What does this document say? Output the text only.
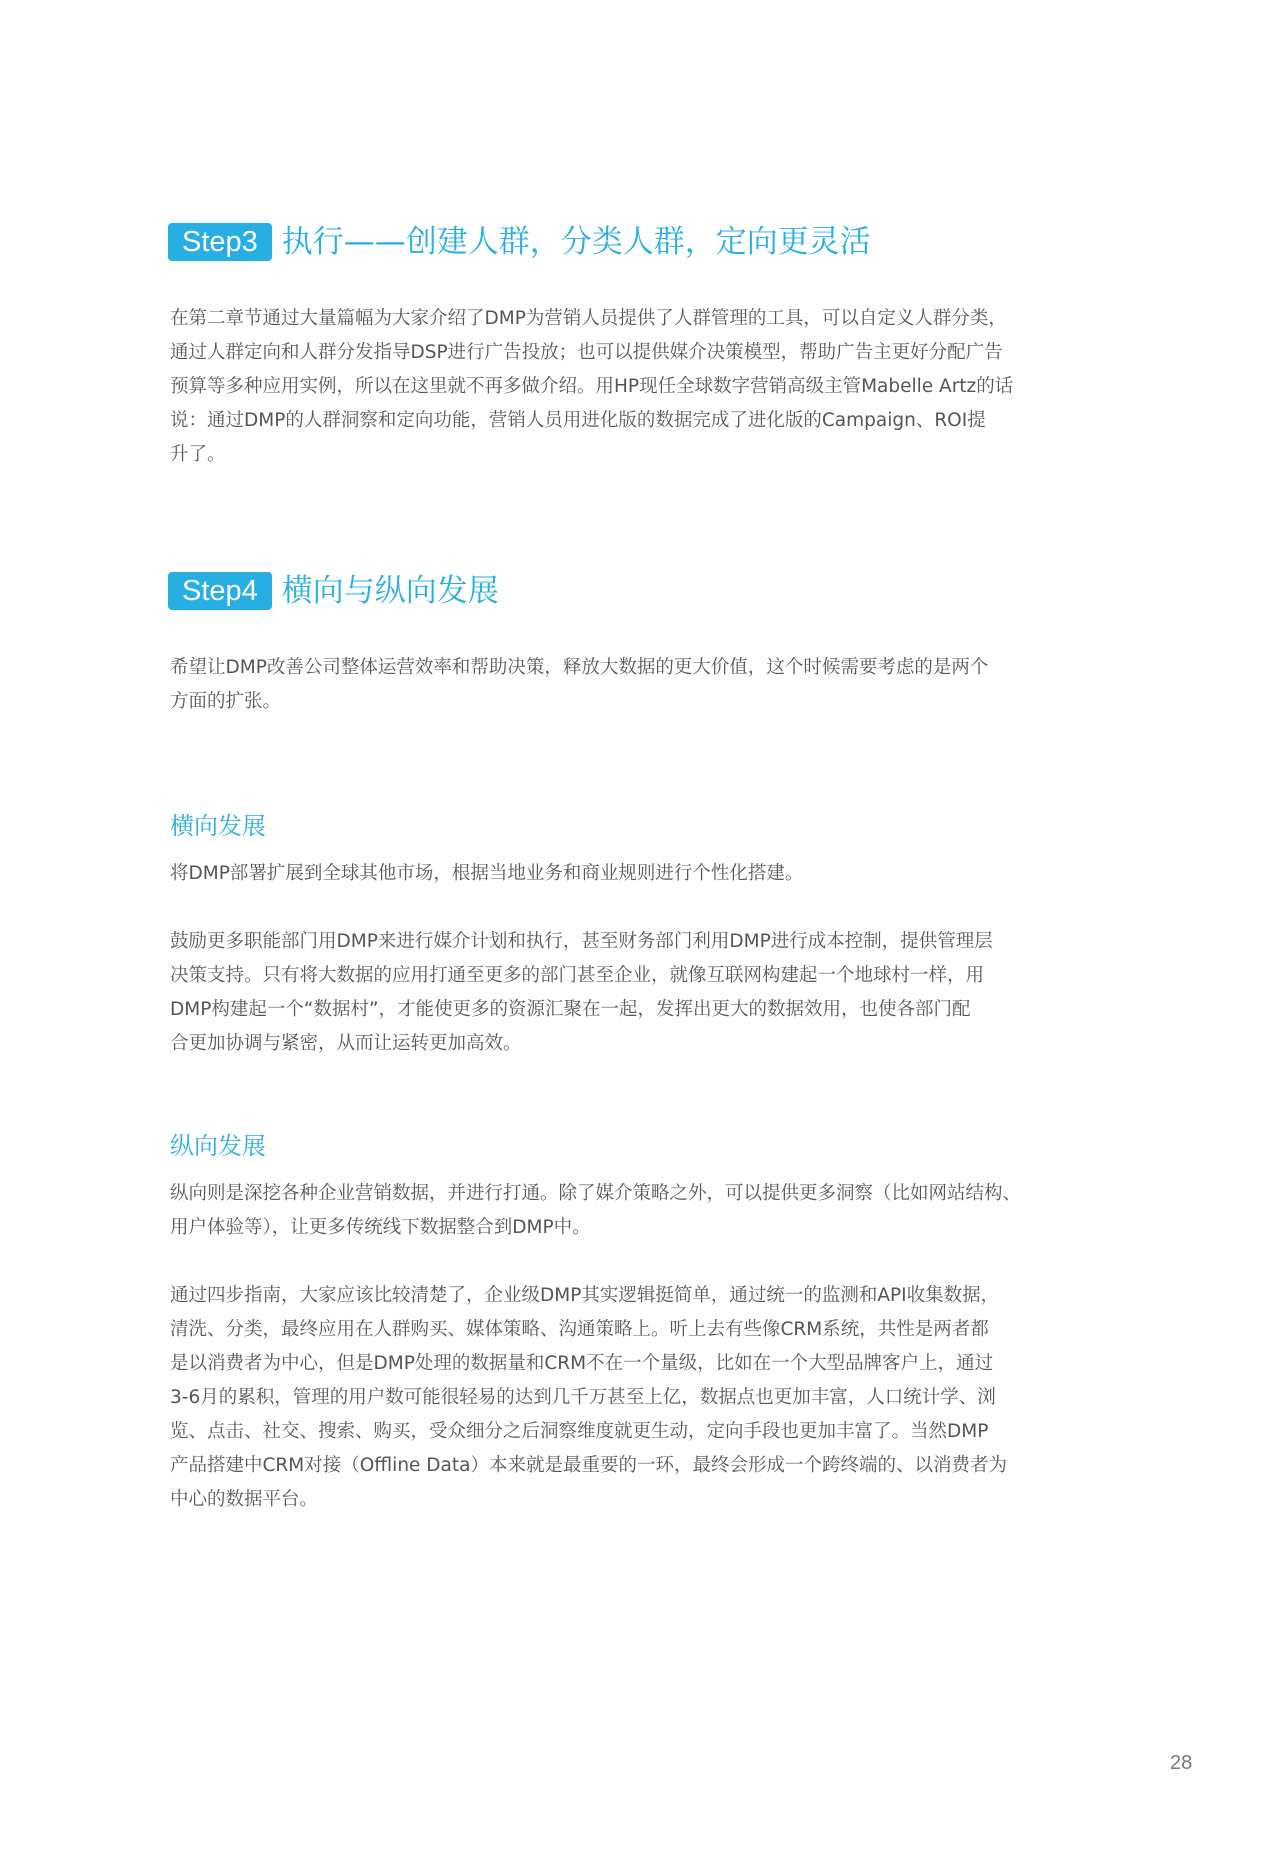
Step3 执行——创建人群，分类人群，定向更灵活
在第二章节通过大量篇幅为大家介绍了DMP为营销人员提供了人群管理的工具，可以自定义人群分类，
通过人群定向和人群分发指导DSP进行广告投放；也可以提供媒介决策模型，帮助广告主更好分配广告
预算等多种应用实例，所以在这里就不再多做介绍。用HP现任全球数字营销高级主管Mabelle Artz的话
说：通过DMP的人群洞察和定向功能，营销人员用进化版的数据完成了进化版的Campaign、ROI提
升了。
Step4 横向与纵向发展
希望让DMP改善公司整体运营效率和帮助决策，释放大数据的更大价值，这个时候需要考虑的是两个
方面的扩张。
横向发展
将DMP部署扩展到全球其他市场，根据当地业务和商业规则进行个性化搭建。
鼓励更多职能部门用DMP来进行媒介计划和执行，甚至财务部门利用DMP进行成本控制，提供管理层
决策支持。只有将大数据的应用打通至更多的部门甚至企业，就像互联网构建起一个地球村一样，用
DMP构建起一个“数据村”，才能使更多的资源汇聚在一起，发挥出更大的数据效用，也使各部门配
合更加协调与紧密，从而让运转更加高效。
纵向发展
纵向则是深挖各种企业营销数据，并进行打通。除了媒介策略之外，可以提供更多洞察（比如网站结构、
用户体验等），让更多传统线下数据整合到DMP中。
通过四步指南，大家应该比较清楚了，企业级DMP其实逻辑挺简单，通过统一的监测和API收集数据，
清洗、分类，最终应用在人群购买、媒体策略、沟通策略上。听上去有些像CRM系统，共性是两者都
是以消费者为中心，但是DMP处理的数据量和CRM不在一个量级，比如在一个大型品牌客户上，通过
3-6月的累积，管理的用户数可能很轻易的达到几千万甚至上亿，数据点也更加丰富，人口统计学、浏
览、点击、社交、搜索、购买，受众细分之后洞察维度就更生动，定向手段也更加丰富了。当然DMP
产品搭建中CRM对接（Offline Data）本来就是最重要的一环，最终会形成一个跨终端的、以消费者为
中心的数据平台。
28
